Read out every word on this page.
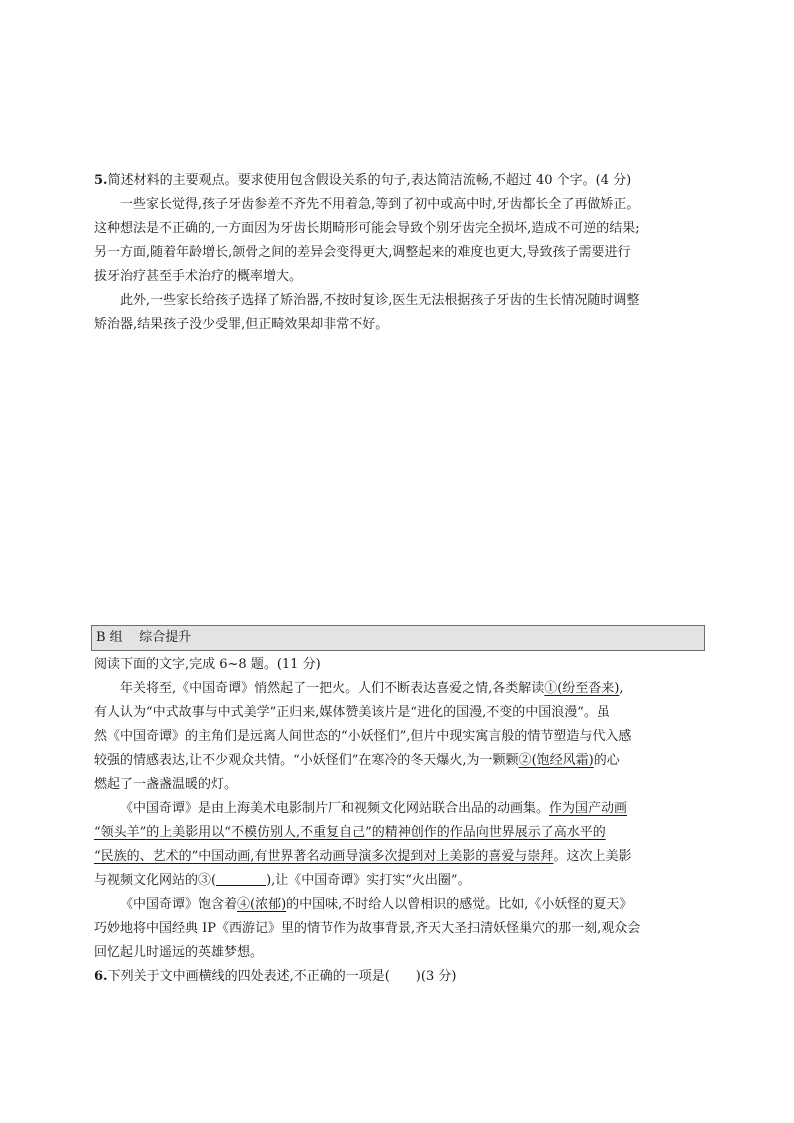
5.简述材料的主要观点。要求使用包含假设关系的句子,表达简洁流畅,不超过 40 个字。(4 分)
一些家长觉得,孩子牙齿参差不齐先不用着急,等到了初中或高中时,牙齿都长全了再做矫正。
这种想法是不正确的,一方面因为牙齿长期畸形可能会导致个别牙齿完全损坏,造成不可逆的结果;
另一方面,随着年龄增长,颌骨之间的差异会变得更大,调整起来的难度也更大,导致孩子需要进行
拔牙治疗甚至手术治疗的概率增大。
此外,一些家长给孩子选择了矫治器,不按时复诊,医生无法根据孩子牙齿的生长情况随时调整
矫治器,结果孩子没少受罪,但正畸效果却非常不好。
B 组 综合提升
阅读下面的文字,完成 6~8 题。(11 分)
年关将至,《中国奇谭》悄然起了一把火。人们不断表达喜爱之情,各类解读①(纷至沓来),
有人认为“中式故事与中式美学”正归来,媒体赞美该片是“进化的国漫,不变的中国浪漫”。虽
然《中国奇谭》的主角们是远离人间世态的“小妖怪们”,但片中现实寓言般的情节塑造与代入感
较强的情感表达,让不少观众共情。“小妖怪们”在寒冷的冬天爆火,为一颗颗②(饱经风霜)的心
燃起了一盏盏温暖的灯。
《中国奇谭》是由上海美术电影制片厂和视频文化网站联合出品的动画集。作为国产动画
“领头羊”的上美影用以“不模仿别人,不重复自己”的精神创作的作品向世界展示了高水平的
“民族的、艺术的”中国动画,有世界著名动画导演多次提到对上美影的喜爱与崇拜。这次上美影
与视频文化网站的③(	),让《中国奇谭》实打实“火出圈”。
《中国奇谭》饱含着④(浓郁)的中国味,不时给人以曾相识的感觉。比如,《小妖怪的夏天》
巧妙地将中国经典 IP《西游记》里的情节作为故事背景,齐天大圣扫清妖怪巢穴的那一刻,观众会
回忆起儿时遥远的英雄梦想。
6.下列关于文中画横线的四处表述,不正确的一项是( )(3 分)
